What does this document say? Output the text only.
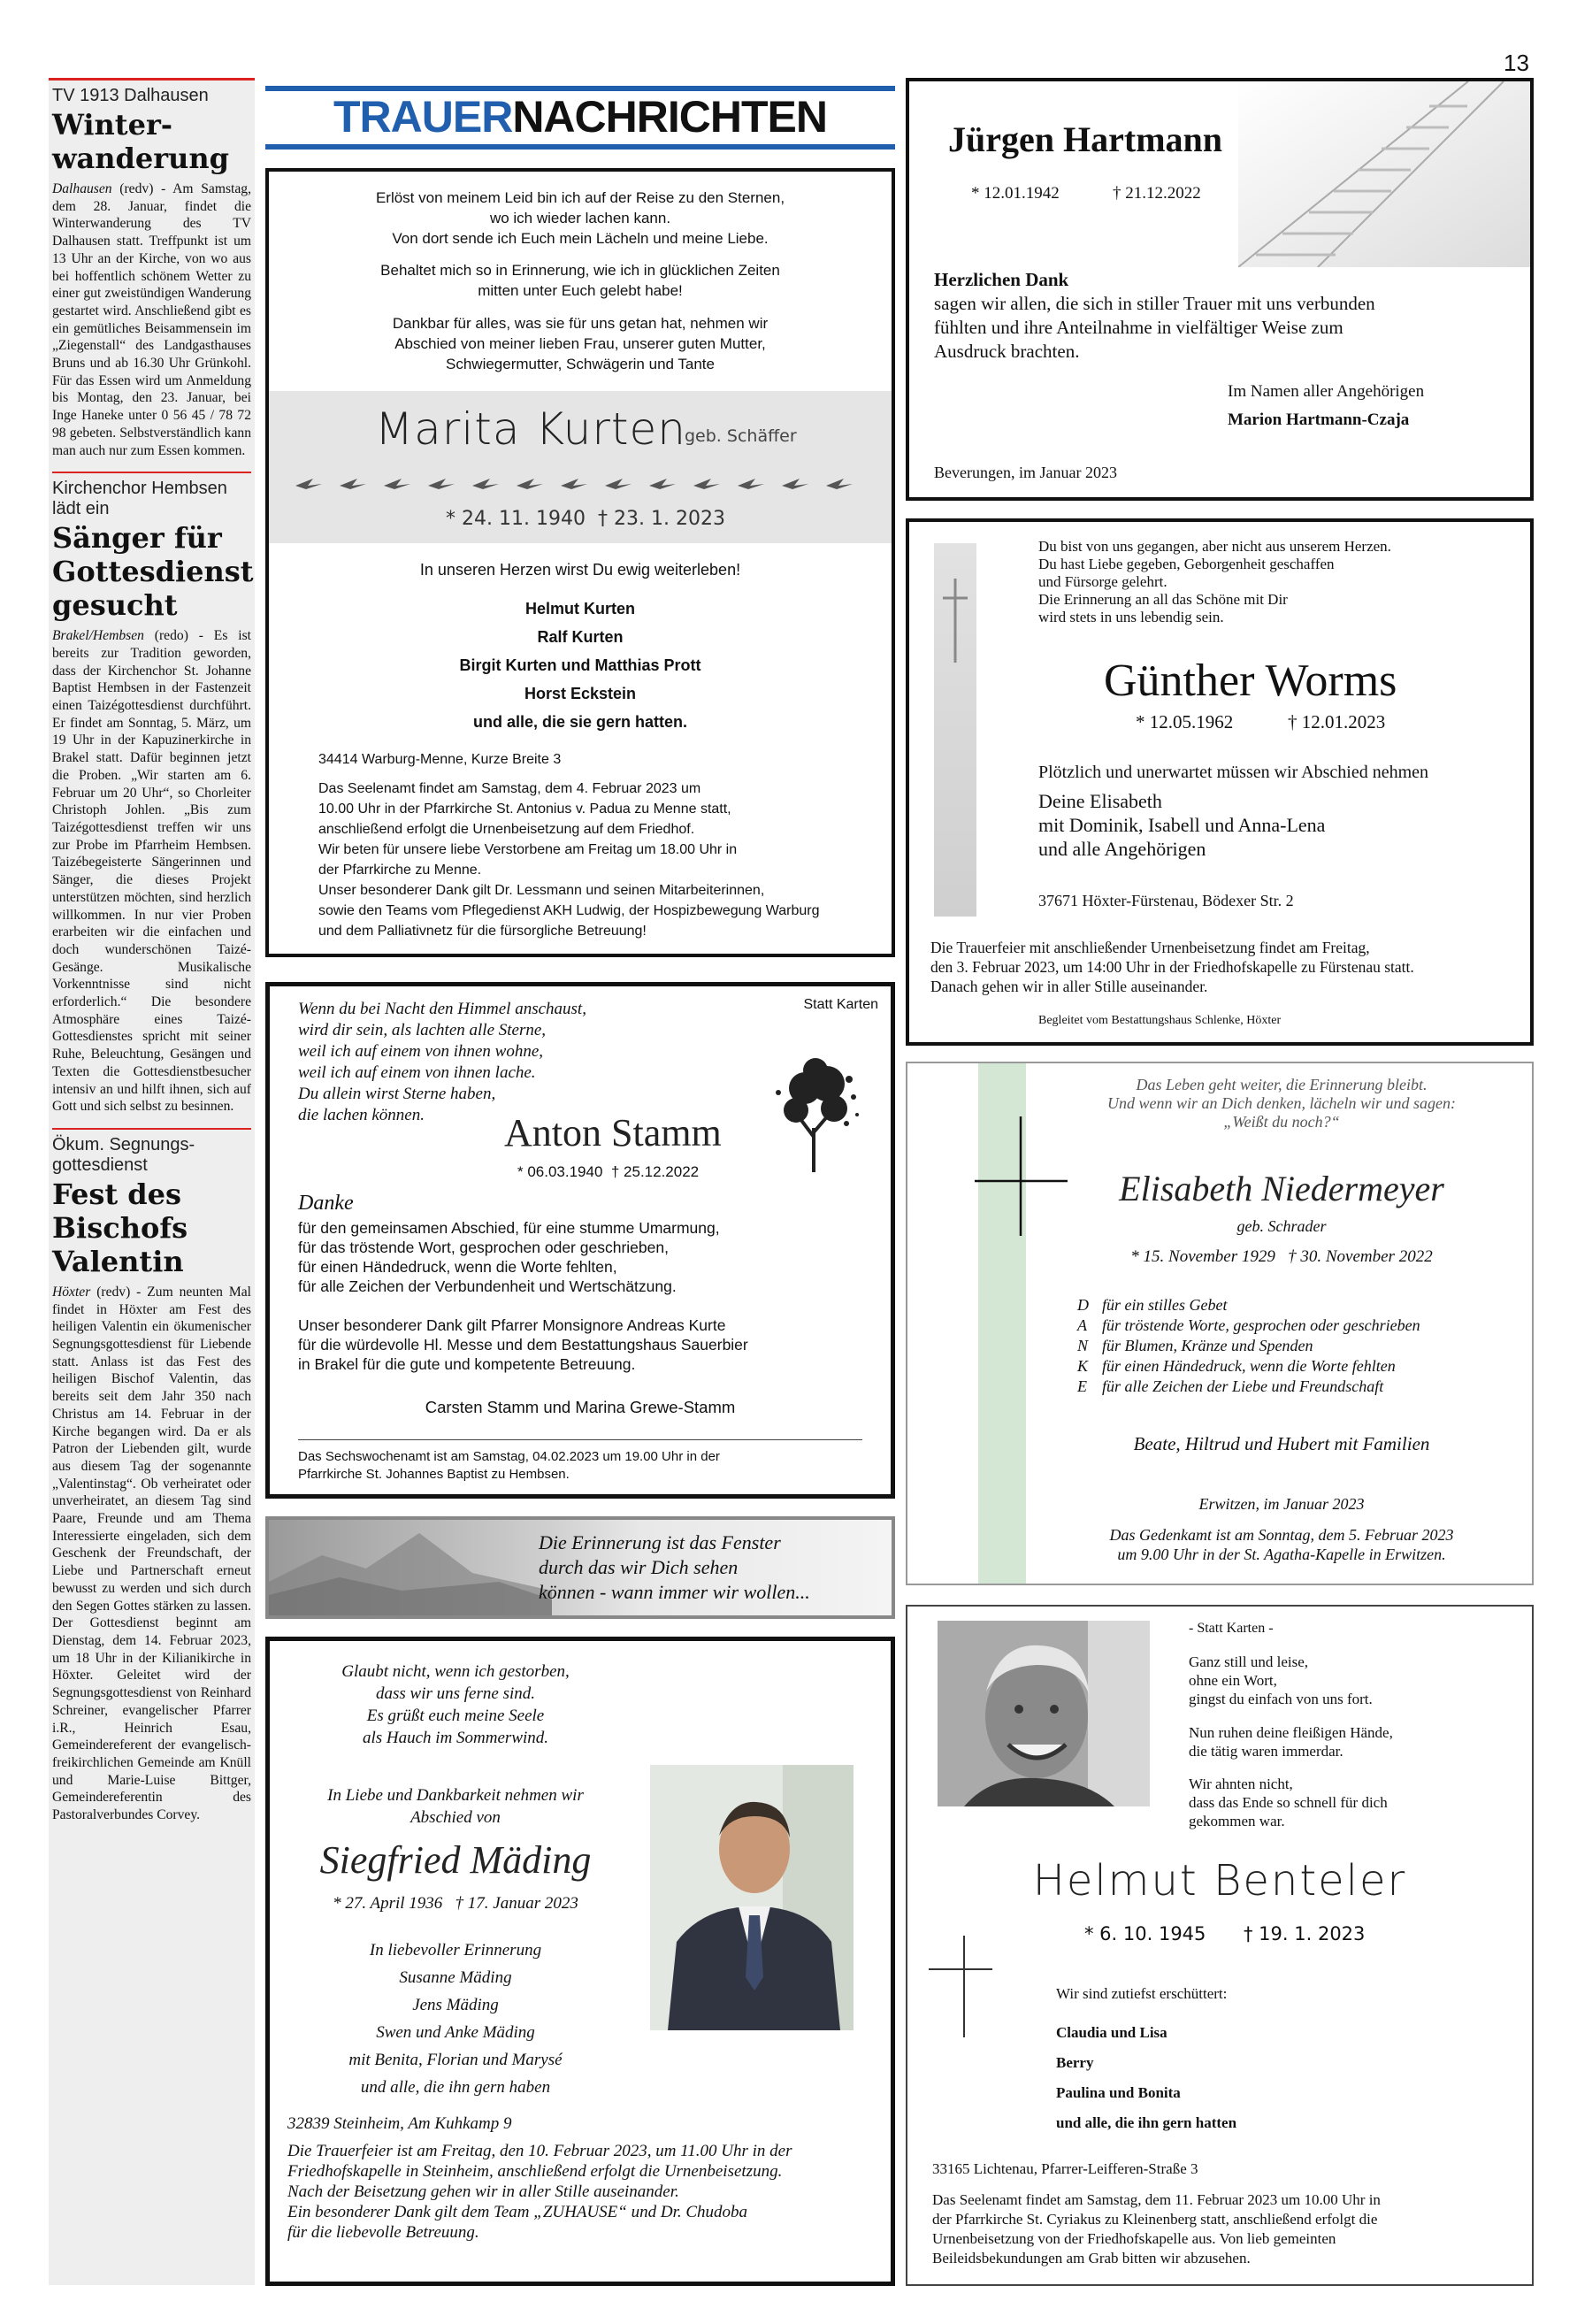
13
TV 1913 Dalhausen
Winter-
wanderung
Dalhausen (redv) - Am Samstag, dem 28. Januar, findet die Winterwanderung des TV Dalhausen statt. Treffpunkt ist um 13 Uhr an der Kirche, von wo aus bei hoffentlich schönem Wetter zu einer gut zweistündigen Wanderung gestartet wird. Anschließend gibt es ein gemütliches Beisammensein im „Ziegenstall“ des Landgasthauses Bruns und ab 16.30 Uhr Grünkohl. Für das Essen wird um Anmeldung bis Montag, den 23. Januar, bei Inge Haneke unter 0 56 45 / 78 72 98 gebeten. Selbstverständlich kann man auch nur zum Essen kommen.
Kirchenchor Hembsen
lädt ein
Sänger für
Gottesdienst
gesucht
Brakel/Hembsen (redo) - Es ist bereits zur Tradition geworden, dass der Kirchenchor St. Johanne Baptist Hembsen in der Fastenzeit einen Taizégottesdienst durchführt. Er findet am Sonntag, 5. März, um 19 Uhr in der Kapuzinerkirche in Brakel statt. Dafür beginnen jetzt die Proben. „Wir starten am 6. Februar um 20 Uhr“, so Chorleiter Christoph Johlen. „Bis zum Taizégottesdienst treffen wir uns zur Probe im Pfarrheim Hembsen. Taizébegeisterte Sängerinnen und Sänger, die dieses Projekt unterstützen möchten, sind herzlich willkommen. In nur vier Proben erarbeiten wir die einfachen und doch wunderschönen Taizé-Gesänge. Musikalische Vorkenntnisse sind nicht erforderlich.“ Die besondere Atmosphäre eines Taizé-Gottesdienstes spricht mit seiner Ruhe, Beleuchtung, Gesängen und Texten die Gottesdienstbesucher intensiv an und hilft ihnen, sich auf Gott und sich selbst zu besinnen.
Ökum. Segnungs-
gottesdienst
Fest des
Bischofs
Valentin
Höxter (redv) - Zum neunten Mal findet in Höxter am Fest des heiligen Valentin ein ökumenischer Segnungsgottesdienst für Liebende statt. Anlass ist das Fest des heiligen Bischof Valentin, das bereits seit dem Jahr 350 nach Christus am 14. Februar in der Kirche begangen wird. Da er als Patron der Liebenden gilt, wurde aus diesem Tag der sogenannte „Valentinstag“. Ob verheiratet oder unverheiratet, an diesem Tag sind Paare, Freunde und am Thema Interessierte eingeladen, sich dem Geschenk der Freundschaft, der Liebe und Partnerschaft erneut bewusst zu werden und sich durch den Segen Gottes stärken zu lassen. Der Gottesdienst beginnt am Dienstag, dem 14. Februar 2023, um 18 Uhr in der Kilianikirche in Höxter. Geleitet wird der Segnungsgottesdienst von Reinhard Schreiner, evangelischer Pfarrer i.R., Heinrich Esau, Gemeindereferent der evangelisch-freikirchlichen Gemeinde am Knüll und Marie-Luise Bittger, Gemeindereferentin des Pastoralverbundes Corvey.
TRAUERNACHRICHTEN
Erlöst von meinem Leid bin ich auf der Reise zu den Sternen,
wo ich wieder lachen kann.
Von dort sende ich Euch mein Lächeln und meine Liebe.
Behaltet mich so in Erinnerung, wie ich in glücklichen Zeiten
mitten unter Euch gelebt habe!
Dankbar für alles, was sie für uns getan hat, nehmen wir
Abschied von meiner lieben Frau, unserer guten Mutter,
Schwiegermutter, Schwägerin und Tante
Marita Kurten
geb. Schäffer
* 24. 11. 1940 † 23. 1. 2023
In unseren Herzen wirst Du ewig weiterleben!
Helmut Kurten
Ralf Kurten
Birgit Kurten und Matthias Prott
Horst Eckstein
und alle, die sie gern hatten.
34414 Warburg-Menne, Kurze Breite 3
Das Seelenamt findet am Samstag, dem 4. Februar 2023 um
10.00 Uhr in der Pfarrkirche St. Antonius v. Padua zu Menne statt,
anschließend erfolgt die Urnenbeisetzung auf dem Friedhof.
Wir beten für unsere liebe Verstorbene am Freitag um 18.00 Uhr in
der Pfarrkirche zu Menne.
Unser besonderer Dank gilt Dr. Lessmann und seinen Mitarbeiterinnen,
sowie den Teams vom Pflegedienst AKH Ludwig, der Hospizbewegung Warburg
und dem Palliativnetz für die fürsorgliche Betreuung!
Statt Karten
Wenn du bei Nacht den Himmel anschaust,
wird dir sein, als lachten alle Sterne,
weil ich auf einem von ihnen wohne,
weil ich auf einem von ihnen lache.
Du allein wirst Sterne haben,
die lachen können.	Anton Stamm
* 06.03.1940  † 25.12.2022
Danke
für den gemeinsamen Abschied, für eine stumme Umarmung,
für das tröstende Wort, gesprochen oder geschrieben,
für einen Händedruck, wenn die Worte fehlten,
für alle Zeichen der Verbundenheit und Wertschätzung.
Unser besonderer Dank gilt Pfarrer Monsignore Andreas Kurte
für die würdevolle Hl. Messe und dem Bestattungshaus Sauerbier
in Brakel für die gute und kompetente Betreuung.
Carsten Stamm und Marina Grewe-Stamm
Das Sechswochenamt ist am Samstag, 04.02.2023 um 19.00 Uhr in der
Pfarrkirche St. Johannes Baptist zu Hembsen.
Die Erinnerung ist das Fenster
durch das wir Dich sehen
können - wann immer wir wollen...
Glaubt nicht, wenn ich gestorben,
dass wir uns ferne sind.
Es grüßt euch meine Seele
als Hauch im Sommerwind.
In Liebe und Dankbarkeit nehmen wir
Abschied von
Siegfried Mäding
* 27. April 1936   † 17. Januar 2023
In liebevoller Erinnerung
Susanne Mäding
Jens Mäding
Swen und Anke Mäding
mit Benita, Florian und Marysé
und alle, die ihn gern haben
32839 Steinheim, Am Kuhkamp 9
Die Trauerfeier ist am Freitag, den 10. Februar 2023, um 11.00 Uhr in der
Friedhofskapelle in Steinheim, anschließend erfolgt die Urnenbeisetzung.
Nach der Beisetzung gehen wir in aller Stille auseinander.
Ein besonderer Dank gilt dem Team „ZUHAUSE“ und Dr. Chudoba
für die liebevolle Betreuung.
Jürgen Hartmann
* 12.01.1942	† 21.12.2022
Herzlichen Dank
sagen wir allen, die sich in stiller Trauer mit uns verbunden
fühlten und ihre Anteilnahme in vielfältiger Weise zum
Ausdruck brachten.
Im Namen aller Angehörigen
Marion Hartmann-Czaja
Beverungen, im Januar 2023
Du bist von uns gegangen, aber nicht aus unserem Herzen.
Du hast Liebe gegeben, Geborgenheit geschaffen
und Fürsorge gelehrt.
Die Erinnerung an all das Schöne mit Dir
wird stets in uns lebendig sein.
Günther Worms
* 12.05.1962	† 12.01.2023
Plötzlich und unerwartet müssen wir Abschied nehmen
Deine Elisabeth
mit Dominik, Isabell und Anna-Lena
und alle Angehörigen
37671 Höxter-Fürstenau, Bödexer Str. 2
Die Trauerfeier mit anschließender Urnenbeisetzung findet am Freitag,
den 3. Februar 2023, um 14:00 Uhr in der Friedhofskapelle zu Fürstenau statt.
Danach gehen wir in aller Stille auseinander.
Begleitet vom Bestattungshaus Schlenke, Höxter
Das Leben geht weiter, die Erinnerung bleibt.
Und wenn wir an Dich denken, lächeln wir und sagen:
„Weißt du noch?“
Elisabeth Niedermeyer
geb. Schrader
* 15. November 1929   † 30. November 2022
D für ein stilles Gebet
A für tröstende Worte, gesprochen oder geschrieben
N für Blumen, Kränze und Spenden
K für einen Händedruck, wenn die Worte fehlten
E für alle Zeichen der Liebe und Freundschaft
Beate, Hiltrud und Hubert mit Familien
Erwitzen, im Januar 2023
Das Gedenkamt ist am Sonntag, dem 5. Februar 2023
um 9.00 Uhr in der St. Agatha-Kapelle in Erwitzen.
- Statt Karten -
Ganz still und leise,
ohne ein Wort,
gingst du einfach von uns fort.
Nun ruhen deine fleißigen Hände,
die tätig waren immerdar.
Wir ahnten nicht,
dass das Ende so schnell für dich
gekommen war.
Helmut Benteler
* 6. 10. 1945 † 19. 1. 2023
Wir sind zutiefst erschüttert:
Claudia und Lisa
Berry
Paulina und Bonita
und alle, die ihn gern hatten
33165 Lichtenau, Pfarrer-Leifferen-Straße 3
Das Seelenamt findet am Samstag, dem 11. Februar 2023 um 10.00 Uhr in
der Pfarrkirche St. Cyriakus zu Kleinenberg statt, anschließend erfolgt die
Urnenbeisetzung von der Friedhofskapelle aus. Von lieb gemeinten
Beileidsbekundungen am Grab bitten wir abzusehen.
